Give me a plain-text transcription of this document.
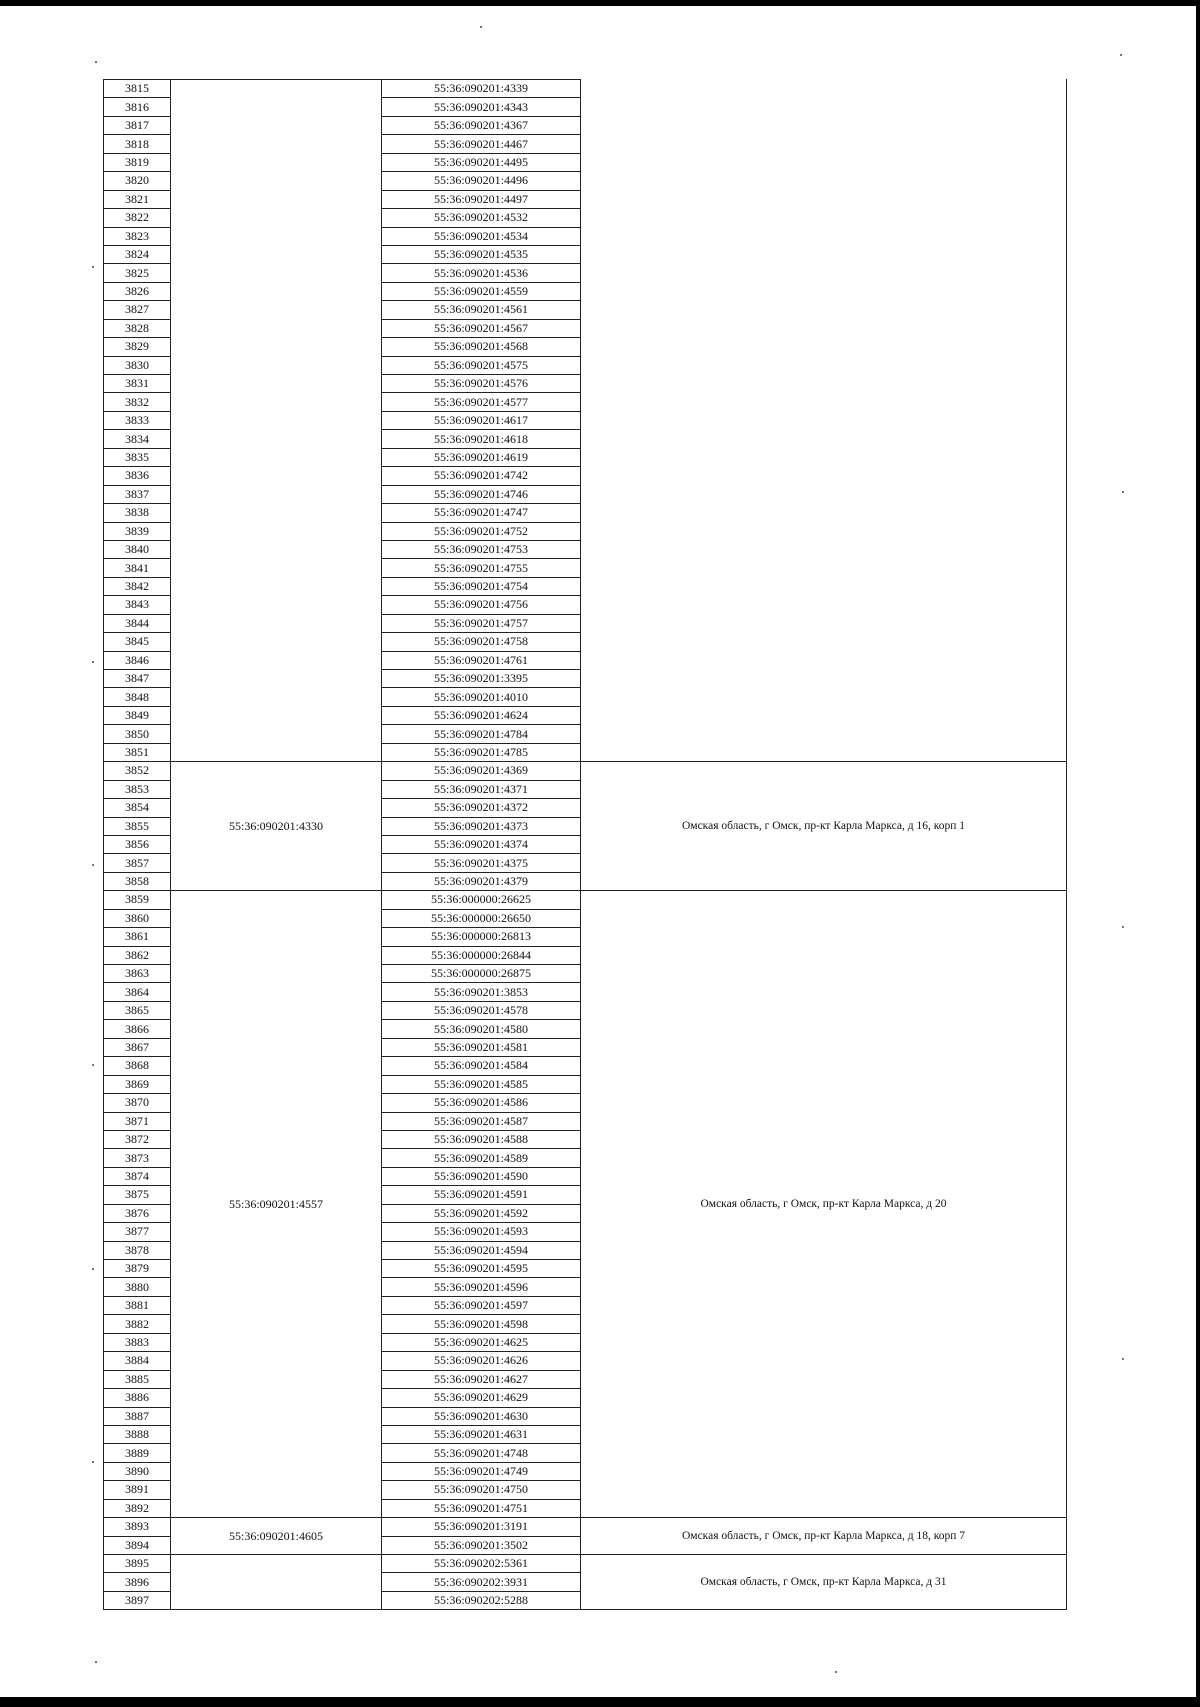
3815		55:36:090201:4339	
3816		55:36:090201:4343	
3817		55:36:090201:4367	
3818		55:36:090201:4467	
3819		55:36:090201:4495	
3820		55:36:090201:4496	
3821		55:36:090201:4497	
3822		55:36:090201:4532	
3823		55:36:090201:4534	
3824		55:36:090201:4535	
3825		55:36:090201:4536	
3826		55:36:090201:4559	
3827		55:36:090201:4561	
3828		55:36:090201:4567	
3829		55:36:090201:4568	
3830		55:36:090201:4575	
3831		55:36:090201:4576	
3832		55:36:090201:4577	
3833		55:36:090201:4617	
3834		55:36:090201:4618	
3835		55:36:090201:4619	
3836		55:36:090201:4742	
3837		55:36:090201:4746	
3838		55:36:090201:4747	
3839		55:36:090201:4752	
3840		55:36:090201:4753	
3841		55:36:090201:4755	
3842		55:36:090201:4754	
3843		55:36:090201:4756	
3844		55:36:090201:4757	
3845		55:36:090201:4758	
3846		55:36:090201:4761	
3847		55:36:090201:3395	
3848		55:36:090201:4010	
3849		55:36:090201:4624	
3850		55:36:090201:4784	
3851		55:36:090201:4785	
3852	55:36:090201:4330	55:36:090201:4369	Омская область, г Омск, пр-кт Карла Маркса, д 16, корп 1
3853		55:36:090201:4371	
3854		55:36:090201:4372	
3855		55:36:090201:4373	
3856		55:36:090201:4374	
3857		55:36:090201:4375	
3858		55:36:090201:4379	
3859	55:36:090201:4557	55:36:000000:26625	Омская область, г Омск, пр-кт Карла Маркса, д 20
3860		55:36:000000:26650	
3861		55:36:000000:26813	
3862		55:36:000000:26844	
3863		55:36:000000:26875	
3864		55:36:090201:3853	
3865		55:36:090201:4578	
3866		55:36:090201:4580	
3867		55:36:090201:4581	
3868		55:36:090201:4584	
3869		55:36:090201:4585	
3870		55:36:090201:4586	
3871		55:36:090201:4587	
3872		55:36:090201:4588	
3873		55:36:090201:4589	
3874		55:36:090201:4590	
3875		55:36:090201:4591	
3876		55:36:090201:4592	
3877		55:36:090201:4593	
3878		55:36:090201:4594	
3879		55:36:090201:4595	
3880		55:36:090201:4596	
3881		55:36:090201:4597	
3882		55:36:090201:4598	
3883		55:36:090201:4625	
3884		55:36:090201:4626	
3885		55:36:090201:4627	
3886		55:36:090201:4629	
3887		55:36:090201:4630	
3888		55:36:090201:4631	
3889		55:36:090201:4748	
3890		55:36:090201:4749	
3891		55:36:090201:4750	
3892		55:36:090201:4751	
3893	55:36:090201:4605	55:36:090201:3191	Омская область, г Омск, пр-кт Карла Маркса, д 18, корп 7
3894		55:36:090201:3502	
3895		55:36:090202:5361	Омская область, г Омск, пр-кт Карла Маркса, д 31
3896		55:36:090202:3931	
3897		55:36:090202:5288	
